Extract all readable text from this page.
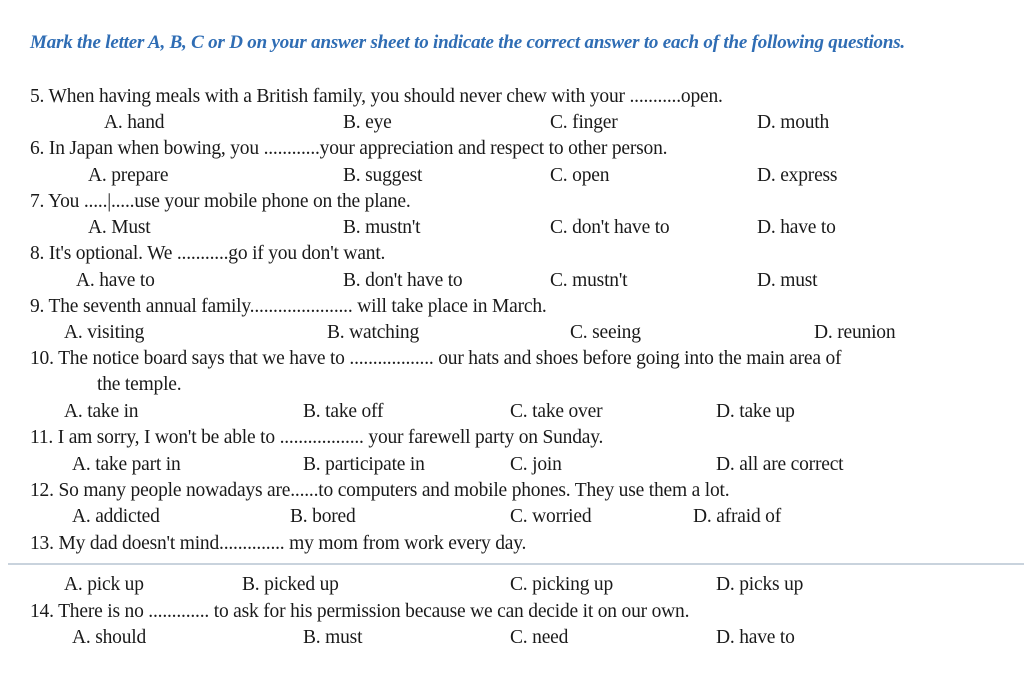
Mark the letter A, B, C or D on your answer sheet to indicate the correct answer to each of the following questions.
5. When having meals with a British family, you should never chew with your ...........open.
A. hand	B. eye	C. finger	D. mouth
6. In Japan when bowing, you ............your appreciation and respect to other person.
A. prepare	B. suggest	C. open	D. express
7. You .....|.....use your mobile phone on the plane.
A. Must	B. mustn't	C. don't have to	D. have to
8. It's optional. We ...........go if you don't want.
A. have to	B. don't have to	C. mustn't	D. must
9. The seventh annual family...................... will take place in March.
A. visiting	B. watching	C. seeing	D. reunion
10. The notice board says that we have to .................. our hats and shoes before going into the main area of
the temple.
A. take in	B. take off	C. take over	D. take up
11. I am sorry, I won't be able to .................. your farewell party on Sunday.
A. take part in	B. participate in	C. join	D. all are correct
12. So many people nowadays are......to computers and mobile phones. They use them a lot.
A. addicted	B. bored	C. worried	D. afraid of
13. My dad doesn't mind.............. my mom from work every day.
A. pick up	B. picked up	C. picking up	D. picks up
14. There is no ............. to ask for his permission because we can decide it on our own.
A. should	B. must	C. need	D. have to
